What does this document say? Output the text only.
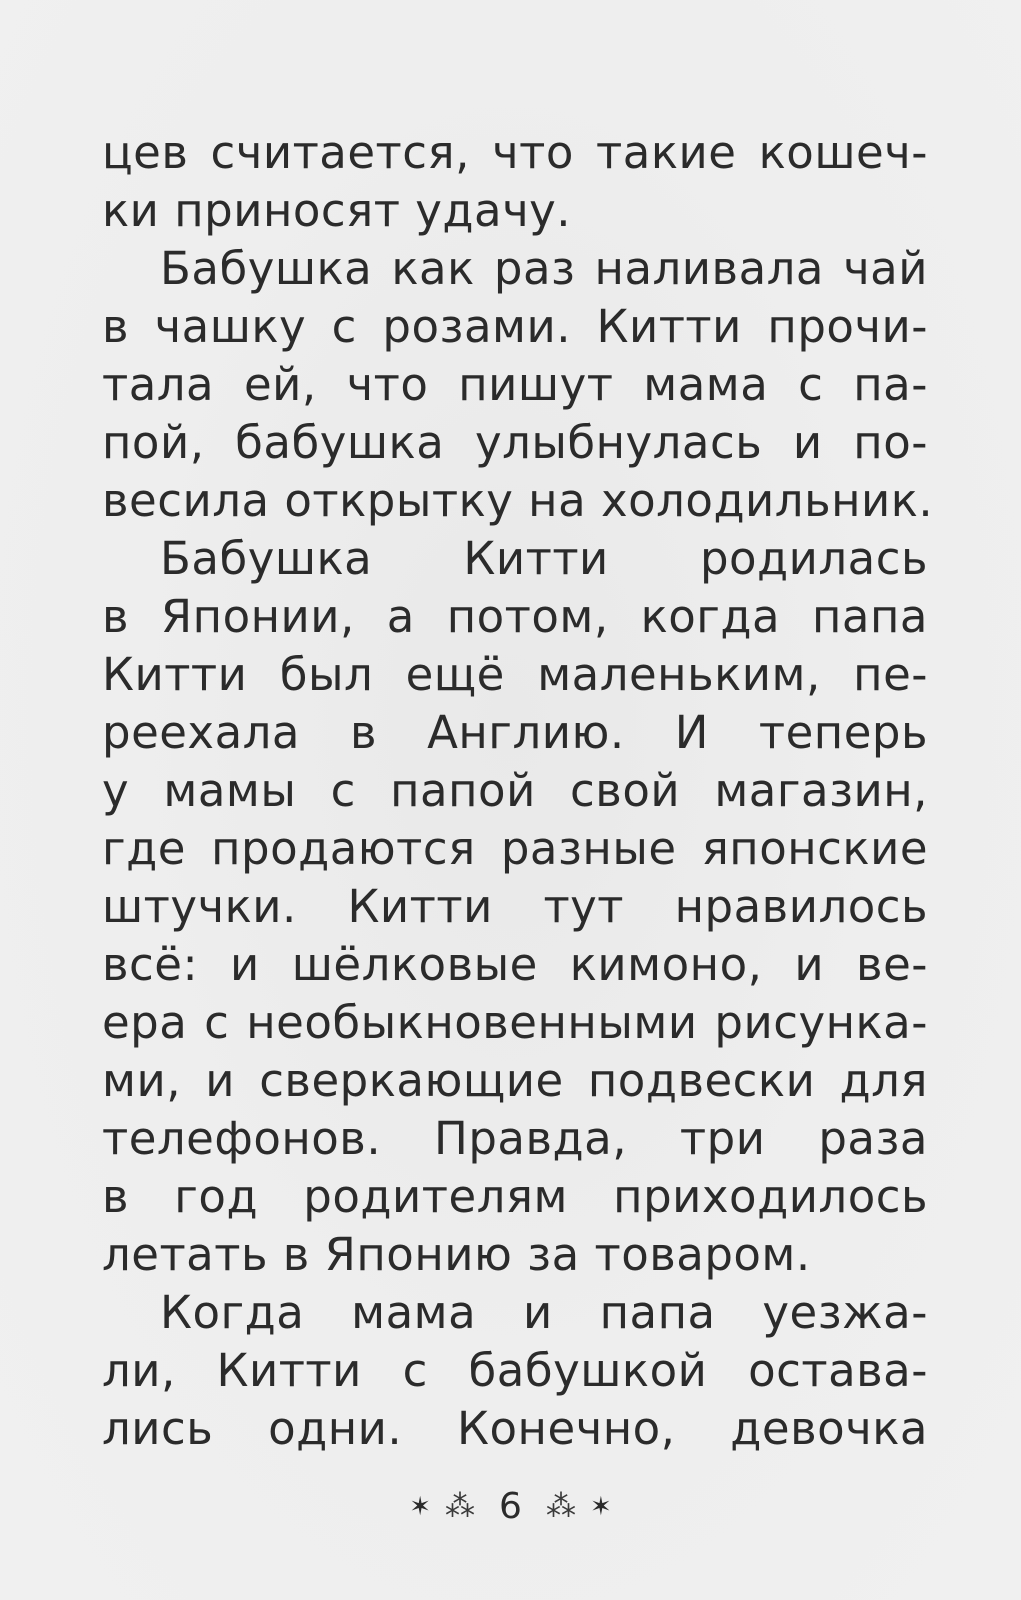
цев считается, что такие кошеч-
ки приносят удачу.
Бабушка как раз наливала чай
в чашку с розами. Китти прочи-
тала ей, что пишут мама с па-
пой, бабушка улыбнулась и по-
весила открытку на холодильник.
Бабушка Китти родилась
в Японии, а потом, когда папа
Китти был ещё маленьким, пе-
реехала в Англию. И теперь
у мамы с папой свой магазин,
где продаются разные японские
штучки. Китти тут нравилось
всё: и шёлковые кимоно, и ве-
ера с необыкновенными рисунка-
ми, и сверкающие подвески для
телефонов. Правда, три раза
в год родителям приходилось
летать в Японию за товаром.
Когда мама и папа уезжа-
ли, Китти с бабушкой остава-
лись одни. Конечно, девочка
✶ ⁂ 6 ⁂ ✶
